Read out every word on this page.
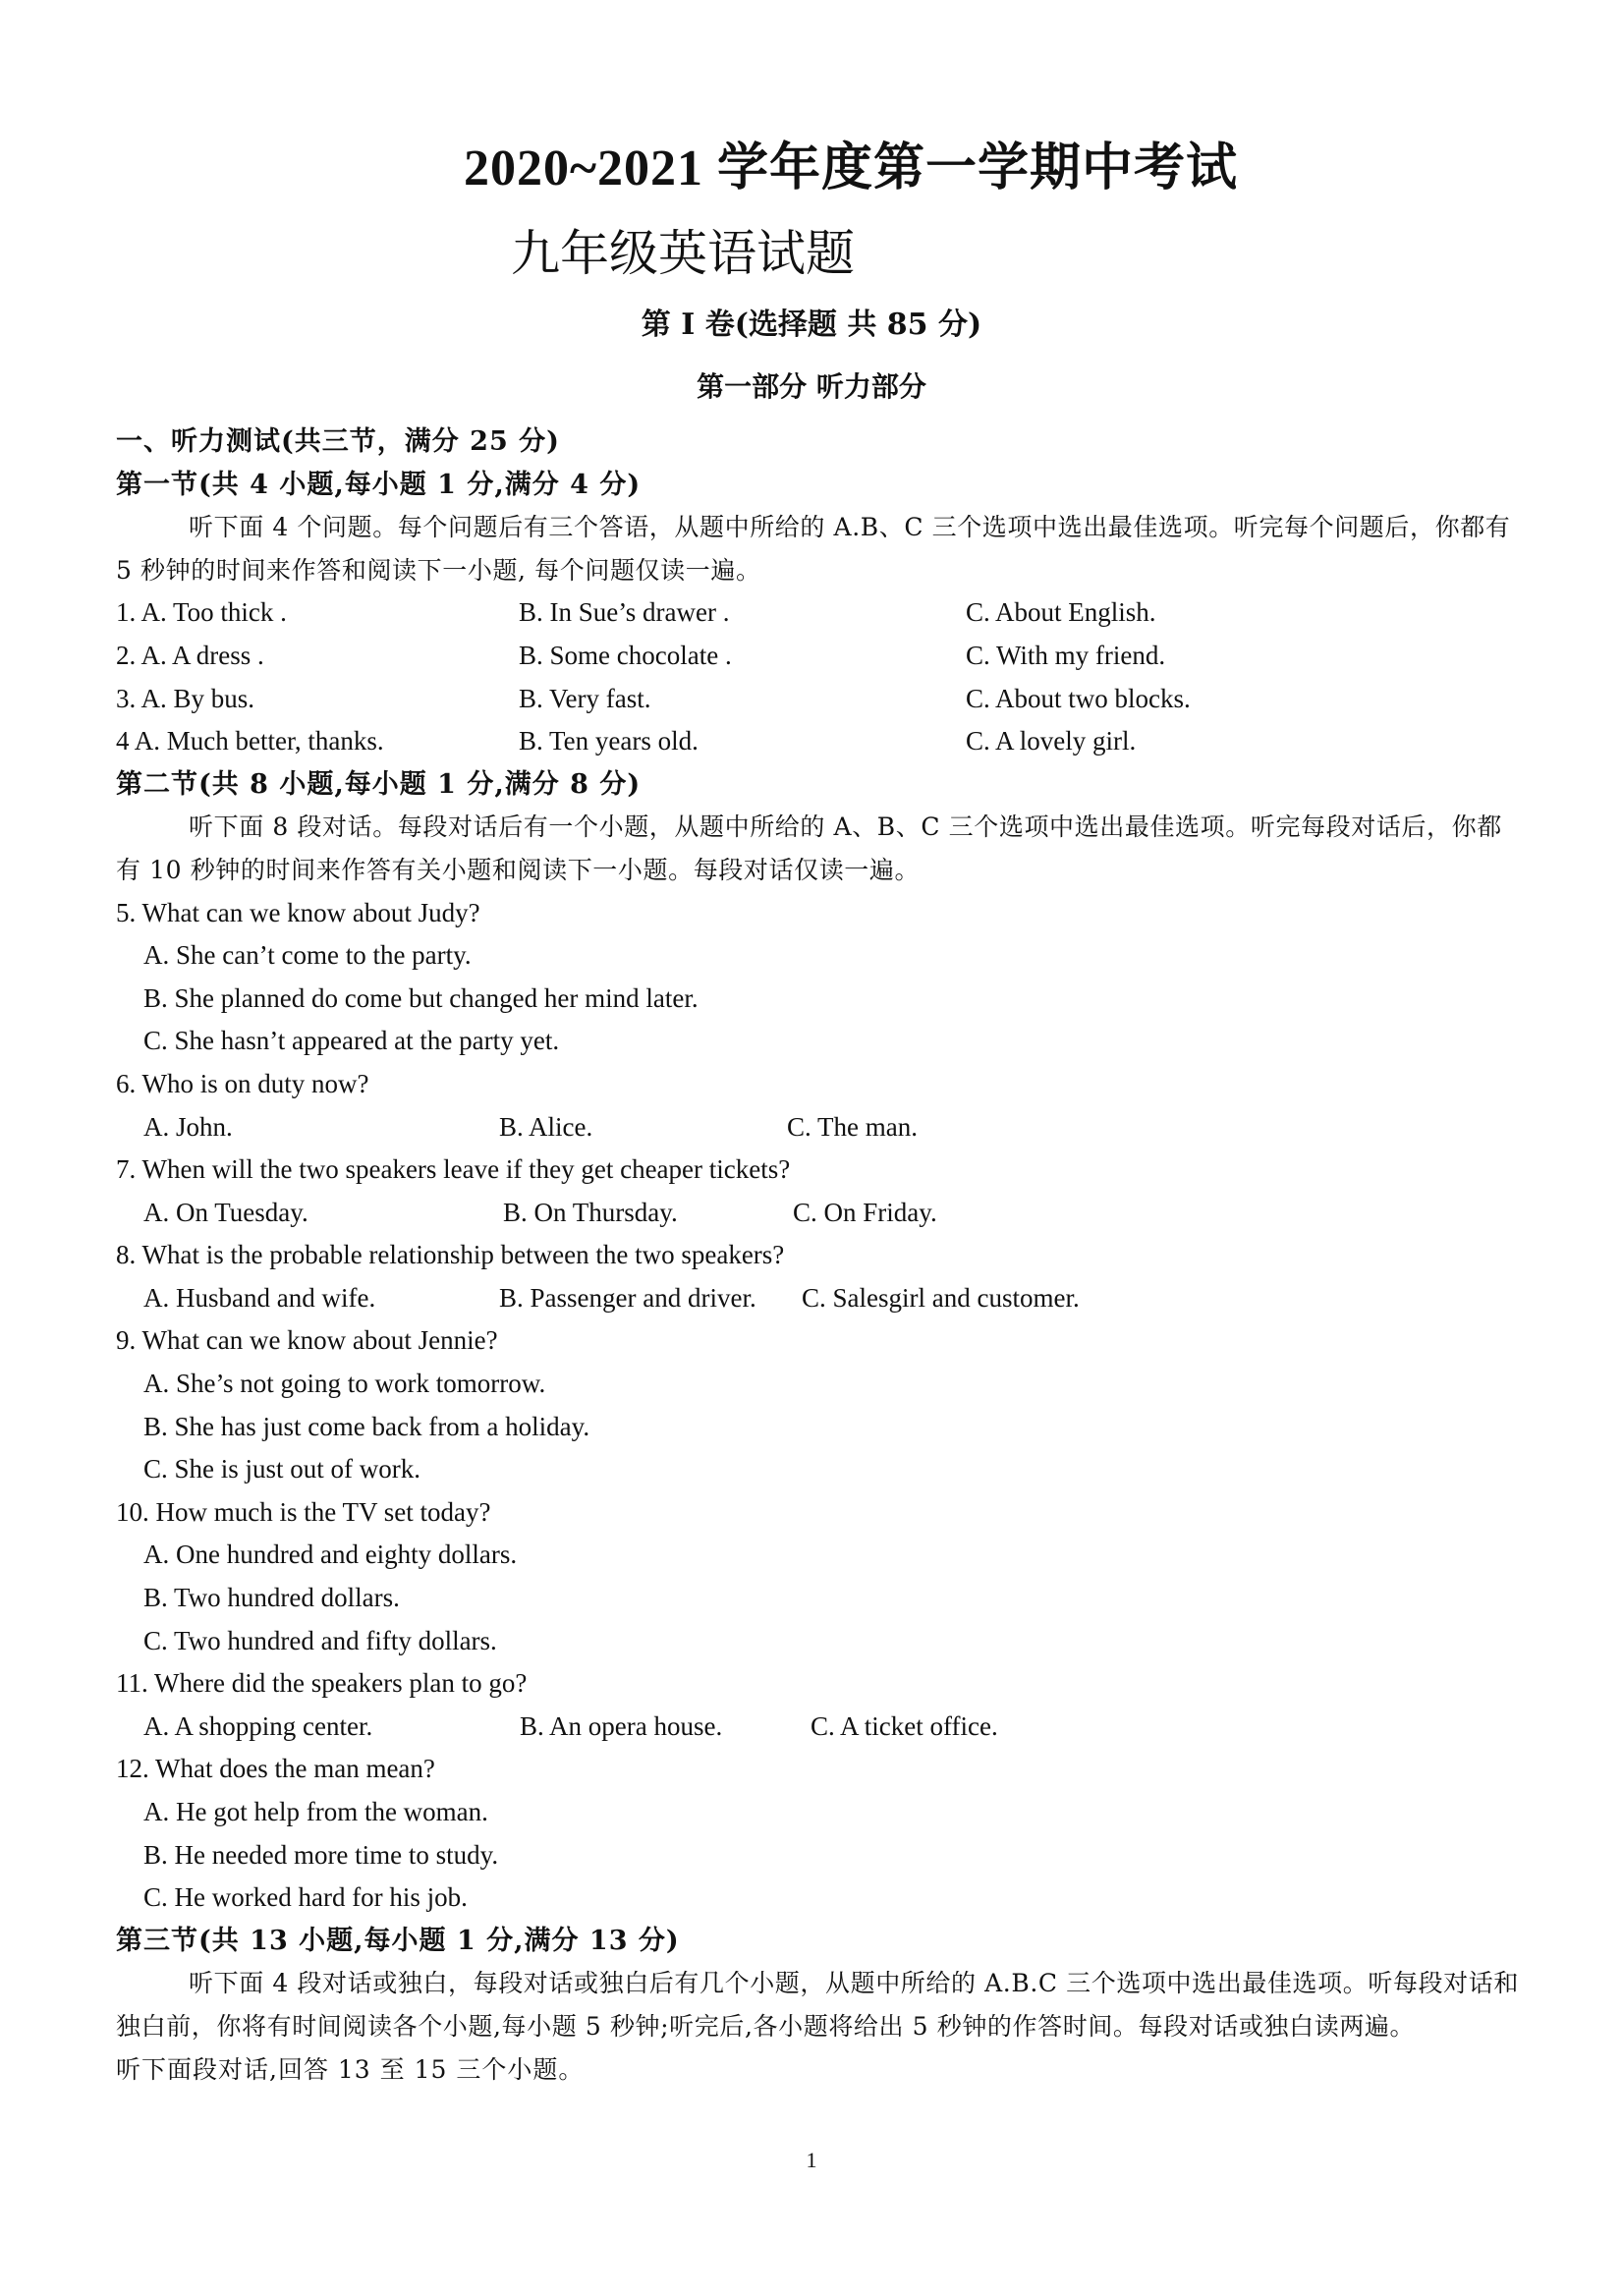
2020~2021 学年度第一学期中考试
九年级英语试题
第 I 卷(选择题 共 85 分)
第一部分 听力部分
一、听力测试(共三节，满分 25 分)
第一节(共 4 小题,每小题 1 分,满分 4 分)
听下面 4 个问题。每个问题后有三个答语，从题中所给的 A.B、C 三个选项中选出最佳选项。听完每个问题后，你都有 5 秒钟的时间来作答和阅读下一小题, 每个问题仅读一遍。
1. A. Too thick .	B. In Sue’s drawer .	C. About English.
2. A. A dress .	B. Some chocolate .	C. With my friend.
3. A. By bus.	B. Very fast.	C. About two blocks.
4 A. Much better, thanks.	B. Ten years old.	C. A lovely girl.
第二节(共 8 小题,每小题 1 分,满分 8 分)
听下面 8 段对话。每段对话后有一个小题，从题中所给的 A、B、C 三个选项中选出最佳选项。听完每段对话后，你都有 10 秒钟的时间来作答有关小题和阅读下一小题。每段对话仅读一遍。
5. What can we know about Judy?
A. She can’t come to the party.
B. She planned do come but changed her mind later.
C. She hasn’t appeared at the party yet.
6. Who is on duty now?
A. John.	B. Alice.	C. The man.
7. When will the two speakers leave if they get cheaper tickets?
A. On Tuesday.	B. On Thursday.	C. On Friday.
8. What is the probable relationship between the two speakers?
A. Husband and wife.	B. Passenger and driver.	C. Salesgirl and customer.
9. What can we know about Jennie?
A. She’s not going to work tomorrow.
B. She has just come back from a holiday.
C. She is just out of work.
10. How much is the TV set today?
A. One hundred and eighty dollars.
B. Two hundred dollars.
C. Two hundred and fifty dollars.
11. Where did the speakers plan to go?
A. A shopping center.	B. An opera house.	C. A ticket office.
12. What does the man mean?
A. He got help from the woman.
B. He needed more time to study.
C. He worked hard for his job.
第三节(共 13 小题,每小题 1 分,满分 13 分)
听下面 4 段对话或独白，每段对话或独白后有几个小题，从题中所给的 A.B.C 三个选项中选出最佳选项。听每段对话和独白前，你将有时间阅读各个小题,每小题 5 秒钟;听完后,各小题将给出 5 秒钟的作答时间。每段对话或独白读两遍。
听下面段对话,回答 13 至 15 三个小题。
1
